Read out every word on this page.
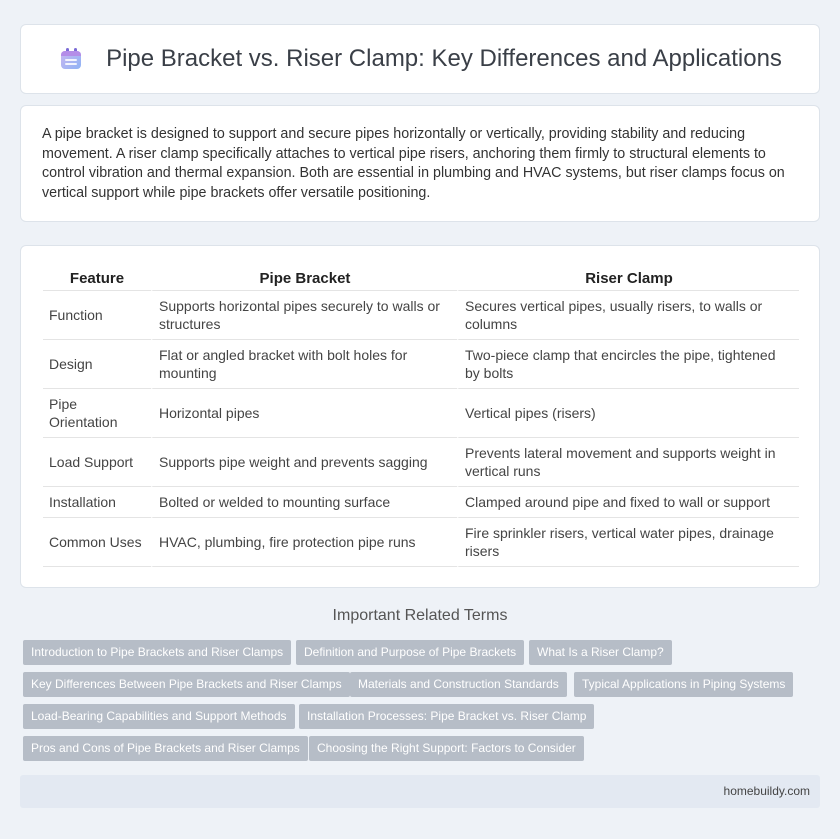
Pipe Bracket vs. Riser Clamp: Key Differences and Applications

A pipe bracket is designed to support and secure pipes horizontally or vertically, providing stability and reducing movement. A riser clamp specifically attaches to vertical pipe risers, anchoring them firmly to structural elements to control vibration and thermal expansion. Both are essential in plumbing and HVAC systems, but riser clamps focus on vertical support while pipe brackets offer versatile positioning.

Feature	Pipe Bracket	Riser Clamp
Function	Supports horizontal pipes securely to walls or structures	Secures vertical pipes, usually risers, to walls or columns
Design	Flat or angled bracket with bolt holes for mounting	Two-piece clamp that encircles the pipe, tightened by bolts
Pipe Orientation	Horizontal pipes	Vertical pipes (risers)
Load Support	Supports pipe weight and prevents sagging	Prevents lateral movement and supports weight in vertical runs
Installation	Bolted or welded to mounting surface	Clamped around pipe and fixed to wall or support
Common Uses	HVAC, plumbing, fire protection pipe runs	Fire sprinkler risers, vertical water pipes, drainage risers
Important Related Terms
Introduction to Pipe Brackets and Riser Clamps	Definition and Purpose of Pipe Brackets	What Is a Riser Clamp?
Key Differences Between Pipe Brackets and Riser Clamps	Materials and Construction Standards	Typical Applications in Piping Systems
Load-Bearing Capabilities and Support Methods	Installation Processes: Pipe Bracket vs. Riser Clamp
Pros and Cons of Pipe Brackets and Riser Clamps	Choosing the Right Support: Factors to Consider
homebuildy.com
